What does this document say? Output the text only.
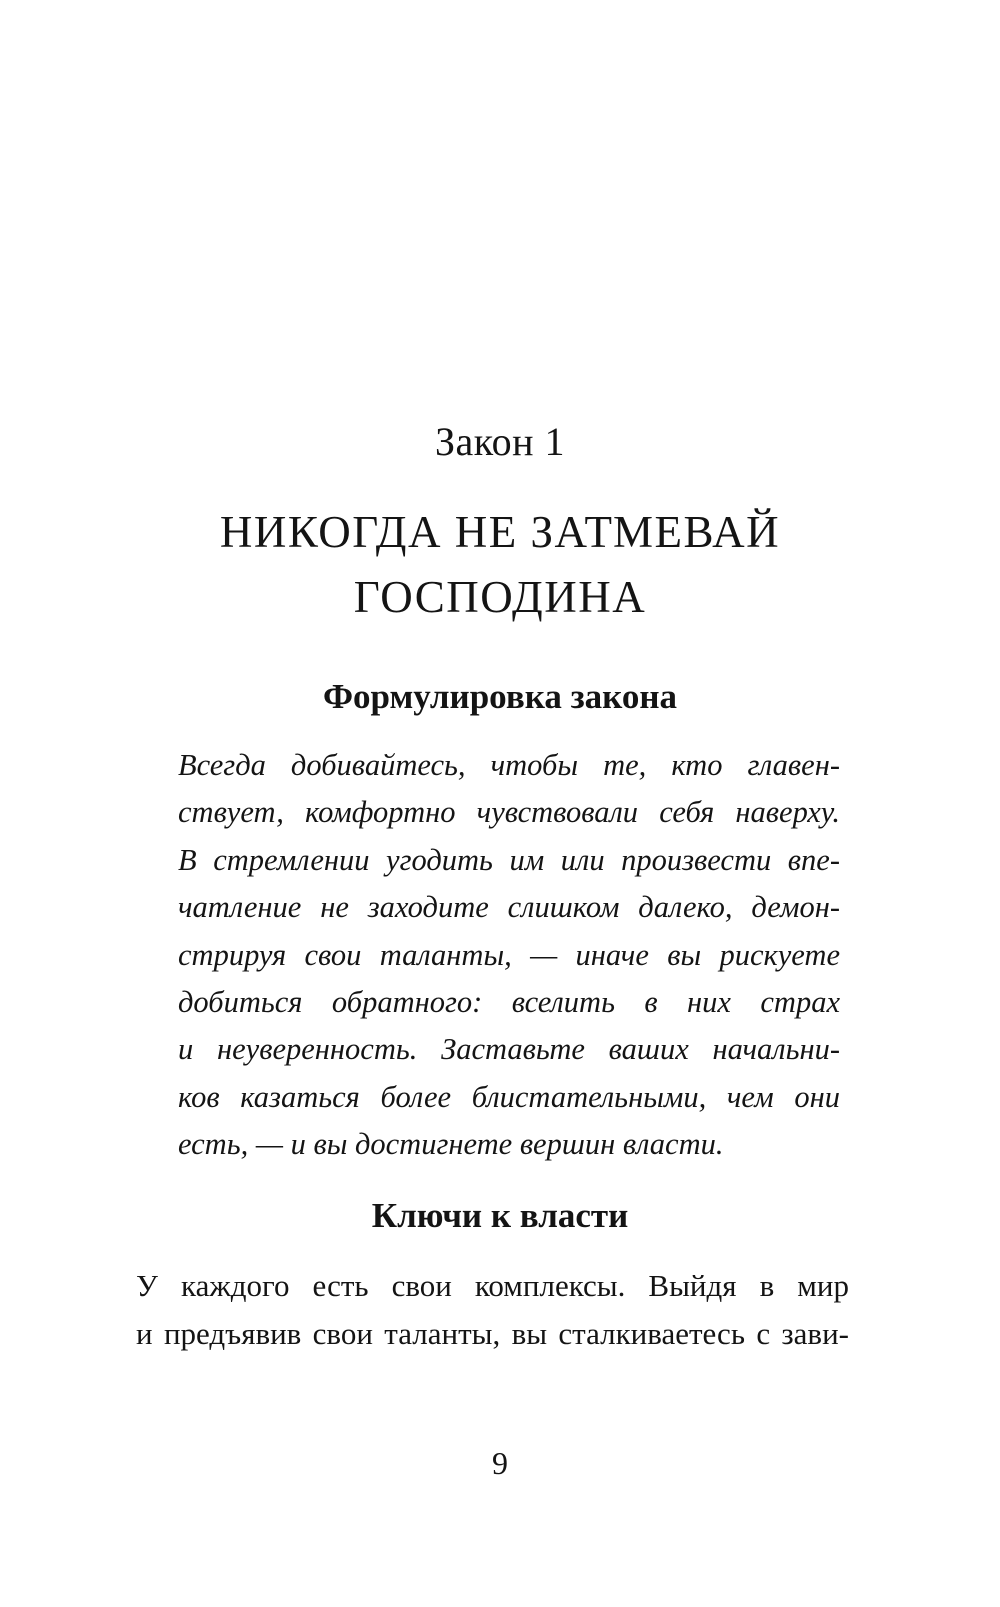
Закон 1
НИКОГДА НЕ ЗАТМЕВАЙ
ГОСПОДИНА
Формулировка закона
Всегда добивайтесь, чтобы те, кто главен-
ствует, комфортно чувствовали себя наверху.
В стремлении угодить им или произвести впе-
чатление не заходите слишком далеко, демон-
стрируя свои таланты, — иначе вы рискуете
добиться обратного: вселить в них страх
и неуверенность. Заставьте ваших начальни-
ков казаться более блистательными, чем они
есть, — и вы достигнете вершин власти.
Ключи к власти
У каждого есть свои комплексы. Выйдя в мир
и предъявив свои таланты, вы сталкиваетесь с зави-
9
